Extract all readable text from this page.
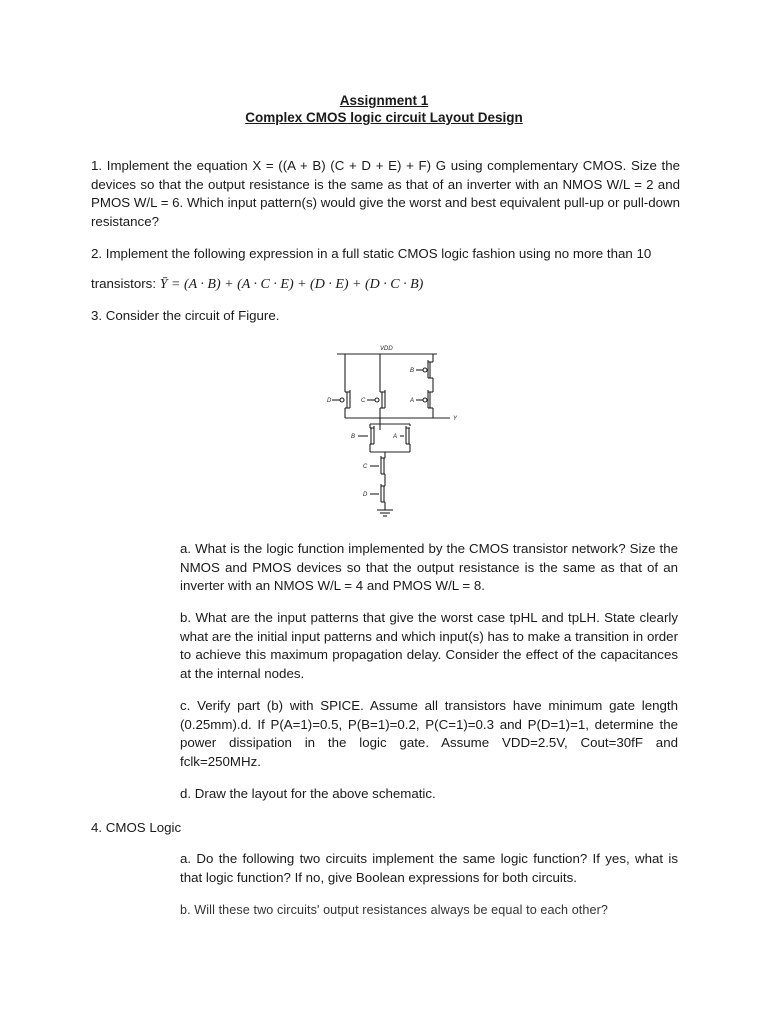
Assignment 1
Complex CMOS logic circuit Layout Design
1. Implement the equation X = ((A + B) (C + D + E) + F) G using complementary CMOS. Size the devices so that the output resistance is the same as that of an inverter with an NMOS W/L = 2 and PMOS W/L = 6. Which input pattern(s) would give the worst and best equivalent pull-up or pull-down resistance?
2. Implement the following expression in a full static CMOS logic fashion using no more than 10
transistors: Ȳ = (A · B) + (A · C · E) + (D · E) + (D · C · B)
3. Consider the circuit of Figure.
VDD
Y
D	C
B
A
B	A
C
D
a. What is the logic function implemented by the CMOS transistor network? Size the NMOS and PMOS devices so that the output resistance is the same as that of an inverter with an NMOS W/L = 4 and PMOS W/L = 8.
b. What are the input patterns that give the worst case tpHL and tpLH. State clearly what are the initial input patterns and which input(s) has to make a transition in order to achieve this maximum propagation delay. Consider the effect of the capacitances at the internal nodes.
c. Verify part (b) with SPICE. Assume all transistors have minimum gate length (0.25mm).d. If P(A=1)=0.5, P(B=1)=0.2, P(C=1)=0.3 and P(D=1)=1, determine the power dissipation in the logic gate. Assume VDD=2.5V, Cout=30fF and fclk=250MHz.
d. Draw the layout for the above schematic.
4. CMOS Logic
a. Do the following two circuits implement the same logic function? If yes, what is that logic function? If no, give Boolean expressions for both circuits.
b. Will these two circuits' output resistances always be equal to each other?
